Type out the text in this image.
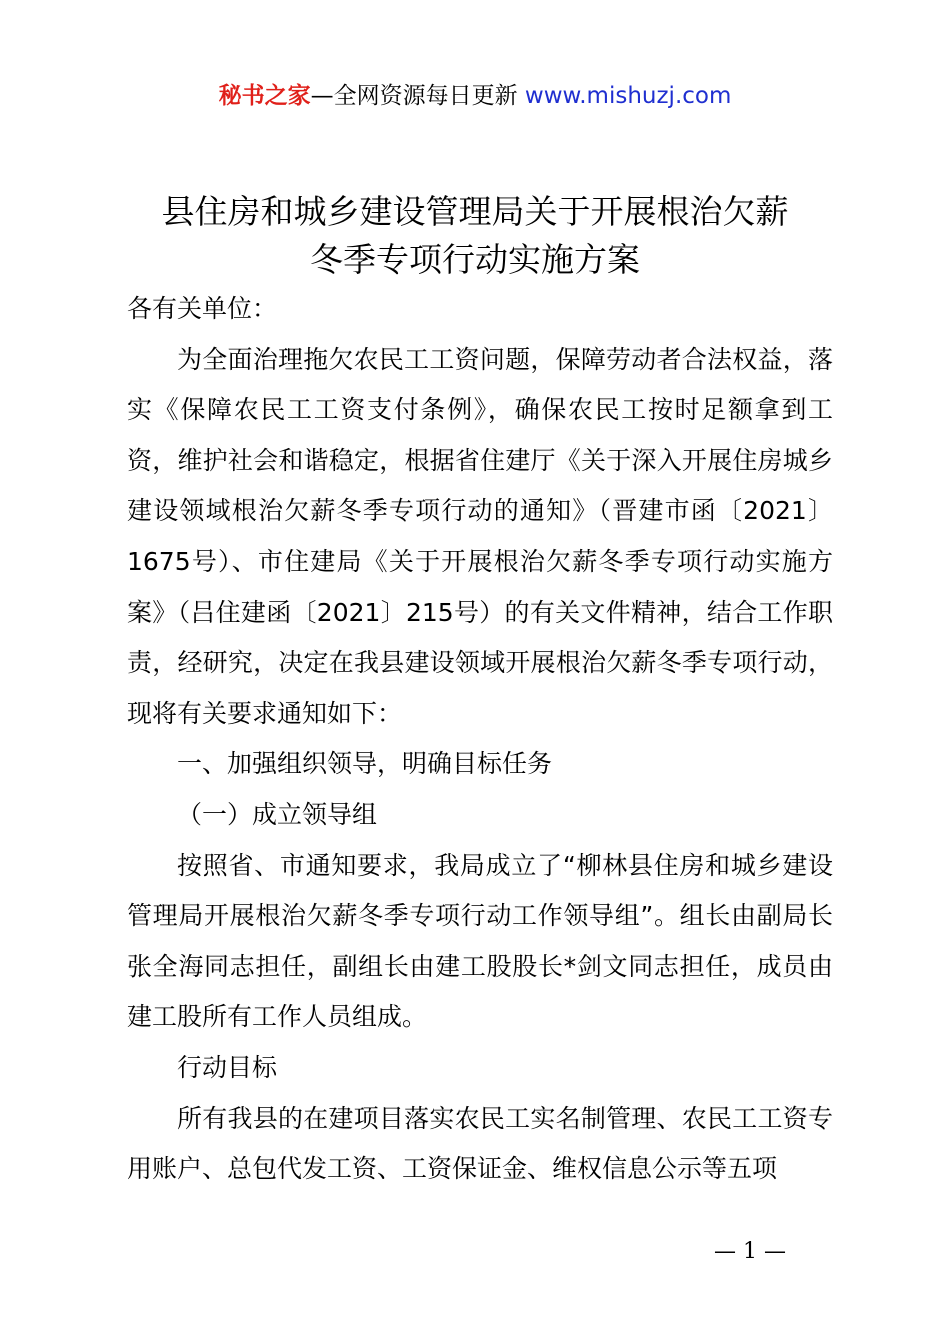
秘书之家—全网资源每日更新 www.mishuzj.com
县住房和城乡建设管理局关于开展根治欠薪
冬季专项行动实施方案

各有关单位：

为全面治理拖欠农民工工资问题，保障劳动者合法权益，落实《保障农民工工资支付条例》，确保农民工按时足额拿到工资，维护社会和谐稳定，根据省住建厅《关于深入开展住房城乡建设领域根治欠薪冬季专项行动的通知》（晋建市函〔2021〕1675号）、市住建局《关于开展根治欠薪冬季专项行动实施方案》（吕住建函〔2021〕215号）的有关文件精神，结合工作职责，经研究，决定在我县建设领域开展根治欠薪冬季专项行动，现将有关要求通知如下：

一、加强组织领导，明确目标任务

（一）成立领导组

按照省、市通知要求，我局成立了“柳林县住房和城乡建设管理局开展根治欠薪冬季专项行动工作领导组”。组长由副局长张全海同志担任，副组长由建工股股长*剑文同志担任，成员由建工股所有工作人员组成。

行动目标

所有我县的在建项目落实农民工实名制管理、农民工工资专用账户、总包代发工资、工资保证金、维权信息公示等五项

— 1 —
